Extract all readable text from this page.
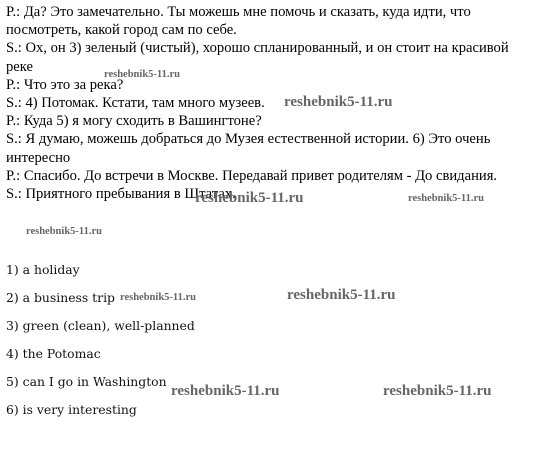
P.: Да? Это замечательно. Ты можешь мне помочь и сказать, куда идти, что посмотреть, какой город сам по себе.

S.: Ох, он 3) зеленый (чистый), хорошо спланированный, и он стоит на красивой реке

P.: Что это за река?

S.: 4) Потомак. Кстати, там много музеев.

P.: Куда 5) я могу сходить в Вашингтоне?

S.: Я думаю, можешь добраться до Музея естественной истории. 6) Это очень интересно

P.: Спасибо. До встречи в Москве. Передавай привет родителям - До свидания.

S.: Приятного пребывания в Штатах.

1) a holiday
2) a business trip
3) green (clean), well-planned
4) the Potomac
5) can I go in Washington
6) is very interesting
reshebnik5-11.ru
reshebnik5-11.ru
reshebnik5-11.ru	reshebnik5-11.ru
reshebnik5-11.ru
reshebnik5-11.ru	reshebnik5-11.ru
reshebnik5-11.ru	reshebnik5-11.ru
